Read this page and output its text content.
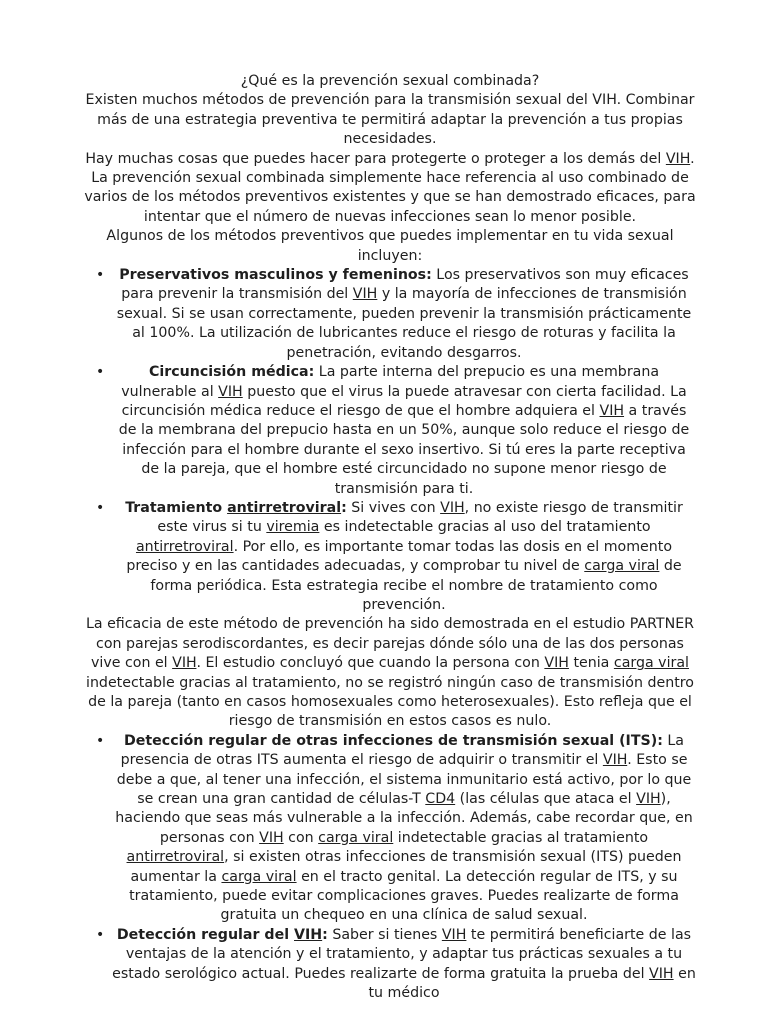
¿Qué es la prevención sexual combinada?

Existen muchos métodos de prevención para la transmisión sexual del VIH. Combinar más de una estrategia preventiva te permitirá adaptar la prevención a tus propias necesidades.

Hay muchas cosas que puedes hacer para protegerte o proteger a los demás del VIH. La prevención sexual combinada simplemente hace referencia al uso combinado de varios de los métodos preventivos existentes y que se han demostrado eficaces, para intentar que el número de nuevas infecciones sean lo menor posible.

Algunos de los métodos preventivos que puedes implementar en tu vida sexual incluyen:

• Preservativos masculinos y femeninos: Los preservativos son muy eficaces para prevenir la transmisión del VIH y la mayoría de infecciones de transmisión sexual. Si se usan correctamente, pueden prevenir la transmisión prácticamente al 100%. La utilización de lubricantes reduce el riesgo de roturas y facilita la penetración, evitando desgarros.
•	Circuncisión médica: La parte interna del prepucio es una membrana vulnerable al VIH puesto que el virus la puede atravesar con cierta facilidad. La circuncisión médica reduce el riesgo de que el hombre adquiera el VIH a través de la membrana del prepucio hasta en un 50%, aunque solo reduce el riesgo de infección para el hombre durante el sexo insertivo. Si tú eres la parte receptiva de la pareja, que el hombre esté circuncidado no supone menor riesgo de transmisión para ti.
• Tratamiento antirretroviral: Si vives con VIH, no existe riesgo de transmitir este virus si tu viremia es indetectable gracias al uso del tratamiento antirretroviral. Por ello, es importante tomar todas las dosis en el momento preciso y en las cantidades adecuadas, y comprobar tu nivel de carga viral de forma periódica. Esta estrategia recibe el nombre de tratamiento como prevención.

La eficacia de este método de prevención ha sido demostrada en el estudio PARTNER con parejas serodiscordantes, es decir parejas dónde sólo una de las dos personas vive con el VIH. El estudio concluyó que cuando la persona con VIH tenia carga viral indetectable gracias al tratamiento, no se registró ningún caso de transmisión dentro de la pareja (tanto en casos homosexuales como heterosexuales). Esto refleja que el riesgo de transmisión en estos casos es nulo.

• Detección regular de otras infecciones de transmisión sexual (ITS): La presencia de otras ITS aumenta el riesgo de adquirir o transmitir el VIH. Esto se debe a que, al tener una infección, el sistema inmunitario está activo, por lo que se crean una gran cantidad de células-T CD4 (las células que ataca el VIH), haciendo que seas más vulnerable a la infección. Además, cabe recordar que, en personas con VIH con carga viral indetectable gracias al tratamiento antirretroviral, si existen otras infecciones de transmisión sexual (ITS) pueden aumentar la carga viral en el tracto genital. La detección regular de ITS, y su tratamiento, puede evitar complicaciones graves. Puedes realizarte de forma gratuita un chequeo en una clínica de salud sexual.
• Detección regular del VIH: Saber si tienes VIH te permitirá beneficiarte de las ventajas de la atención y el tratamiento, y adaptar tus prácticas sexuales a tu estado serológico actual. Puedes realizarte de forma gratuita la prueba del VIH en tu médico
